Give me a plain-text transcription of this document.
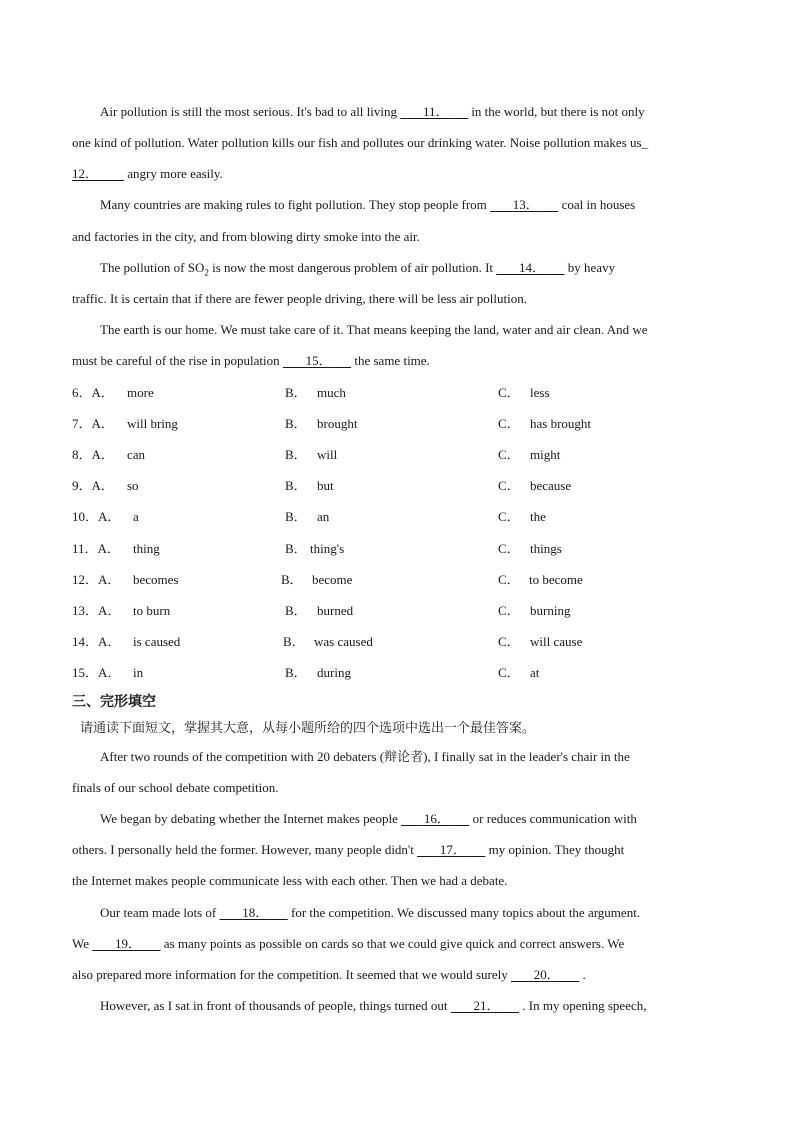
Air pollution is still the most serious. It's bad to all living        11．       in the world, but there is not only
one kind of pollution. Water pollution kills our fish and pollutes our drinking water. Noise pollution makes us_
12．         angry more easily.
Many countries are making rules to fight pollution. They stop people from        13．       coal in houses
and factories in the city, and from blowing dirty smoke into the air.
The pollution of $SO_2$ is now the most dangerous problem of air pollution. It        14．       by heavy
traffic. It is certain that if there are fewer people driving, there will be less air pollution.
The earth is our home. We must take care of it. That means keeping the land, water and air clean. And we
must be careful of the rise in population        15．       the same time.
6．A． more	B． much	C． less
7．A． will bring	B． brought	C． has brought
8．A． can	B． will	C． might
9．A． so	B． but	C． because
10．A． a	B． an	C． the
11．A． thing	B． thing's	C． things
12．A． becomes	B． become	C． to become
13．A． to burn	B． burned	C． burning
14．A． is caused	B． was caused	C． will cause
15．A． in	B． during	C． at
三、完形填空
请通读下面短文，掌握其大意，从每小题所给的四个选项中选出一个最佳答案。
After two rounds of the competition with 20 debaters (辩论者), I finally sat in the leader's chair in the
finals of our school debate competition.
We began by debating whether the Internet makes people        16．       or reduces communication with
others. I personally held the former. However, many people didn't        17．       my opinion. They thought
the Internet makes people communicate less with each other. Then we had a debate.
Our team made lots of        18．       for the competition. We discussed many topics about the argument.
We        19．       as many points as possible on cards so that we could give quick and correct answers. We
also prepared more information for the competition. It seemed that we would surely        20．       .
However, as I sat in front of thousands of people, things turned out        21．       . In my opening speech,
